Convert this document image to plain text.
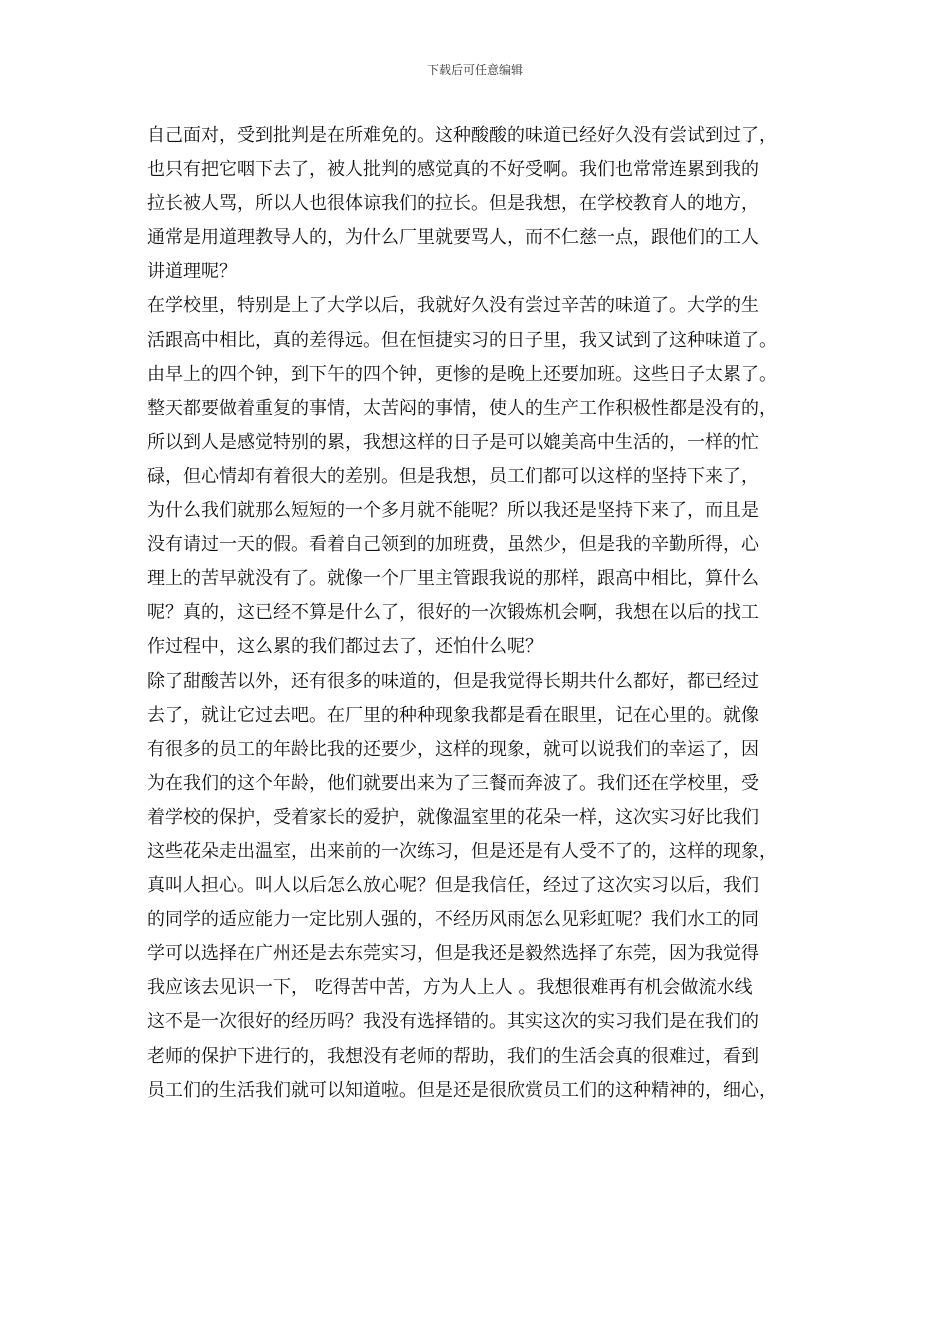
下载后可任意编辑
自己面对，受到批判是在所难免的。这种酸酸的味道已经好久没有尝试到过了，
也只有把它咽下去了，被人批判的感觉真的不好受啊。我们也常常连累到我的
拉长被人骂，所以人也很体谅我们的拉长。但是我想，在学校教育人的地方，
通常是用道理教导人的，为什么厂里就要骂人，而不仁慈一点，跟他们的工人
讲道理呢？
在学校里，特别是上了大学以后，我就好久没有尝过辛苦的味道了。大学的生
活跟高中相比，真的差得远。但在恒捷实习的日子里，我又试到了这种味道了。
由早上的四个钟，到下午的四个钟，更惨的是晚上还要加班。这些日子太累了。
整天都要做着重复的事情，太苦闷的事情，使人的生产工作积极性都是没有的，
所以到人是感觉特别的累，我想这样的日子是可以媲美高中生活的，一样的忙
碌，但心情却有着很大的差别。但是我想，员工们都可以这样的坚持下来了，
为什么我们就那么短短的一个多月就不能呢？所以我还是坚持下来了，而且是
没有请过一天的假。看着自己领到的加班费，虽然少，但是我的辛勤所得，心
理上的苦早就没有了。就像一个厂里主管跟我说的那样，跟高中相比，算什么
呢？真的，这已经不算是什么了，很好的一次锻炼机会啊，我想在以后的找工
作过程中，这么累的我们都过去了，还怕什么呢？
除了甜酸苦以外，还有很多的味道的，但是我觉得长期共什么都好，都已经过
去了，就让它过去吧。在厂里的种种现象我都是看在眼里，记在心里的。就像
有很多的员工的年龄比我的还要少，这样的现象，就可以说我们的幸运了，因
为在我们的这个年龄，他们就要出来为了三餐而奔波了。我们还在学校里，受
着学校的保护，受着家长的爱护，就像温室里的花朵一样，这次实习好比我们
这些花朵走出温室，出来前的一次练习，但是还是有人受不了的，这样的现象，
真叫人担心。叫人以后怎么放心呢？但是我信任，经过了这次实习以后，我们
的同学的适应能力一定比别人强的，不经历风雨怎么见彩虹呢？我们水工的同
学可以选择在广州还是去东莞实习，但是我还是毅然选择了东莞，因为我觉得
我应该去见识一下， 吃得苦中苦，方为人上人 。我想很难再有机会做流水线
这不是一次很好的经历吗？我没有选择错的。其实这次的实习我们是在我们的
老师的保护下进行的，我想没有老师的帮助，我们的生活会真的很难过，看到
员工们的生活我们就可以知道啦。但是还是很欣赏员工们的这种精神的，细心，
